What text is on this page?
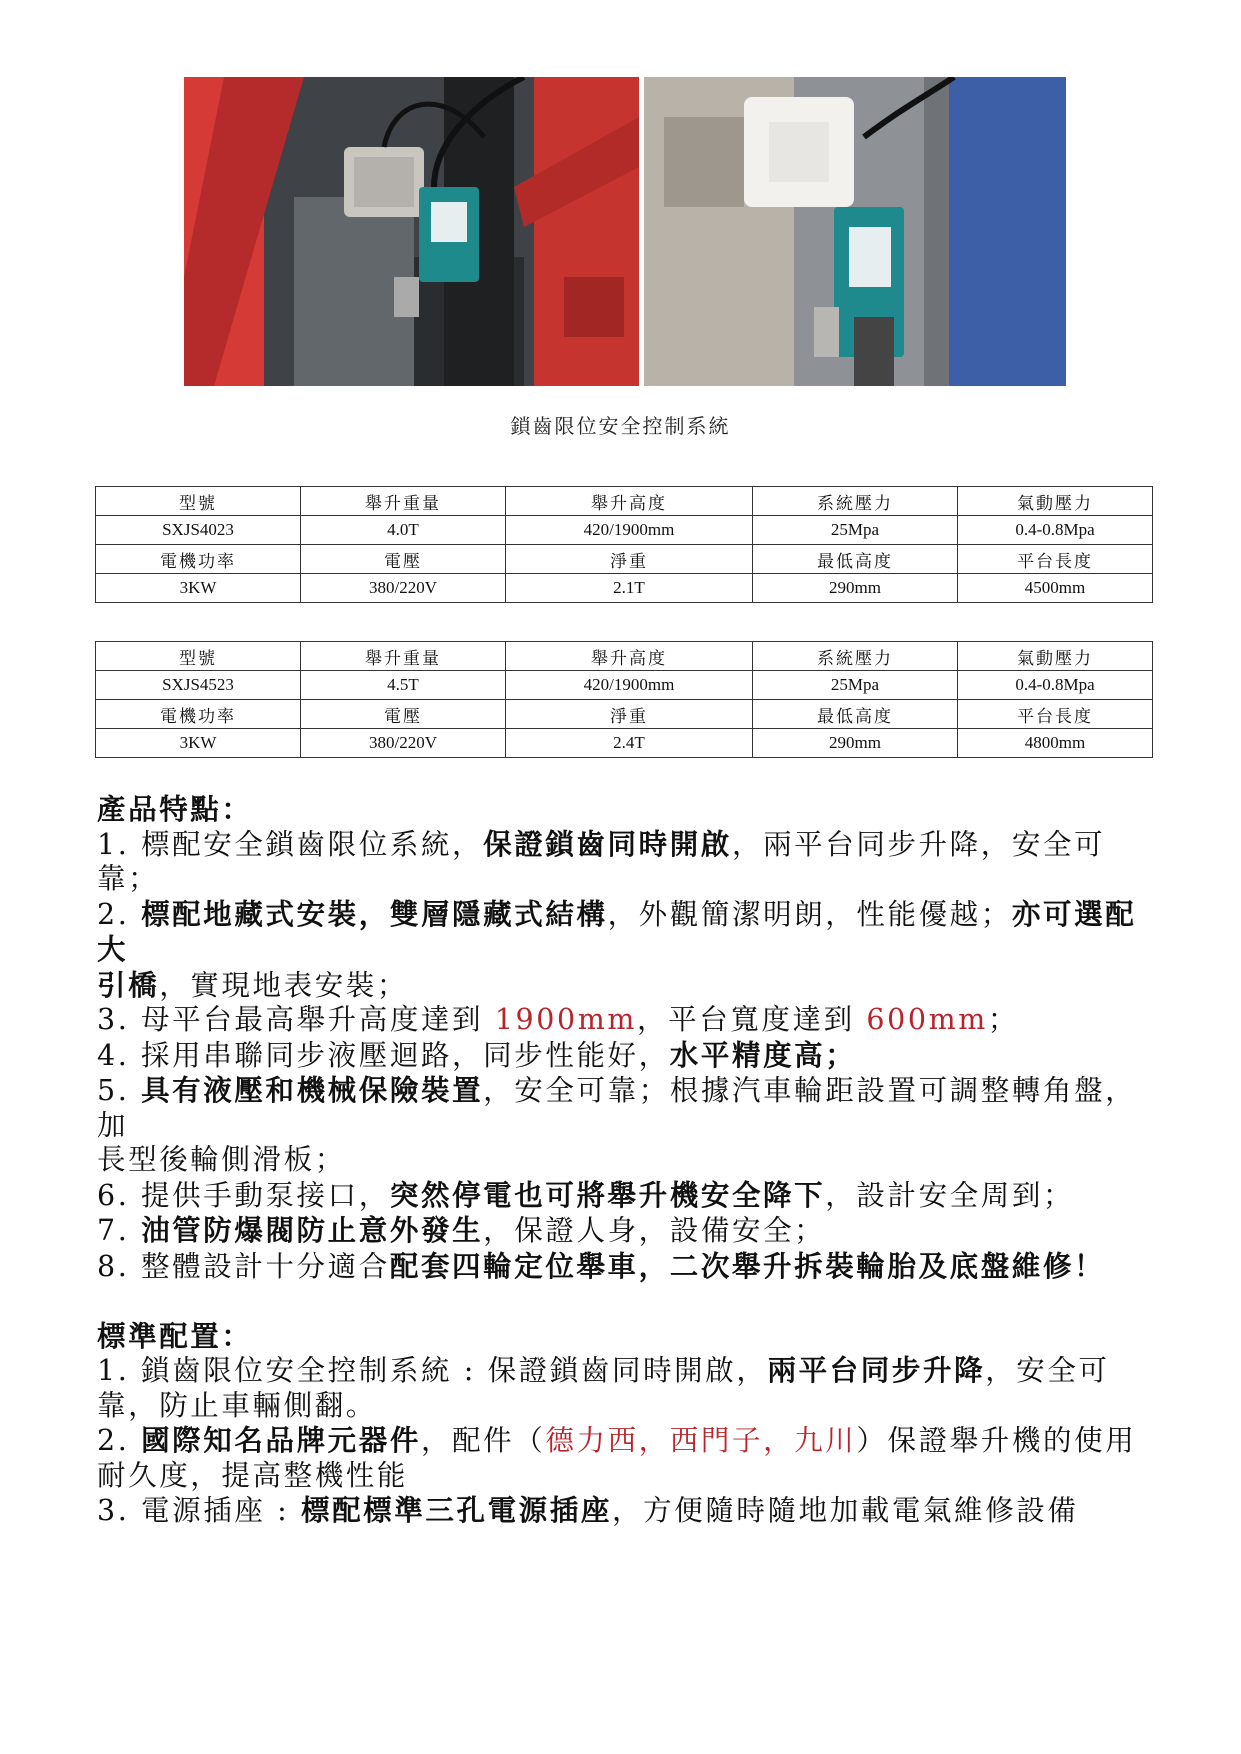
鎖齒限位安全控制系統
型號	舉升重量	舉升高度	系統壓力	氣動壓力
SXJS4023	4.0T	420/1900mm	25Mpa	0.4-0.8Mpa
電機功率	電壓	淨重	最低高度	平台長度
3KW	380/220V	2.1T	290mm	4500mm
型號	舉升重量	舉升高度	系統壓力	氣動壓力
SXJS4523	4.5T	420/1900mm	25Mpa	0.4-0.8Mpa
電機功率	電壓	淨重	最低高度	平台長度
3KW	380/220V	2.4T	290mm	4800mm

產品特點：

1. 標配安全鎖齒限位系統，保證鎖齒同時開啟，兩平台同步升降，安全可靠；

2. 標配地藏式安裝，雙層隱藏式結構，外觀簡潔明朗，性能優越；亦可選配大

引橋，實現地表安裝；

3. 母平台最高舉升高度達到 1900mm，平台寬度達到 600mm；

4. 採用串聯同步液壓迴路，同步性能好，水平精度高；

5. 具有液壓和機械保險裝置，安全可靠；根據汽車輪距設置可調整轉角盤，加

長型後輪側滑板；

6. 提供手動泵接口，突然停電也可將舉升機安全降下，設計安全周到；

7. 油管防爆閥防止意外發生，保證人身，設備安全；

8. 整體設計十分適合配套四輪定位舉車，二次舉升拆裝輪胎及底盤維修！

標準配置：

1. 鎖齒限位安全控制系統 : 保證鎖齒同時開啟，兩平台同步升降，安全可靠，防止車輛側翻。

2. 國際知名品牌元器件，配件（德力西，西門子，九川）保證舉升機的使用耐久度，提高整機性能

3. 電源插座 : 標配標準三孔電源插座，方便隨時隨地加載電氣維修設備
